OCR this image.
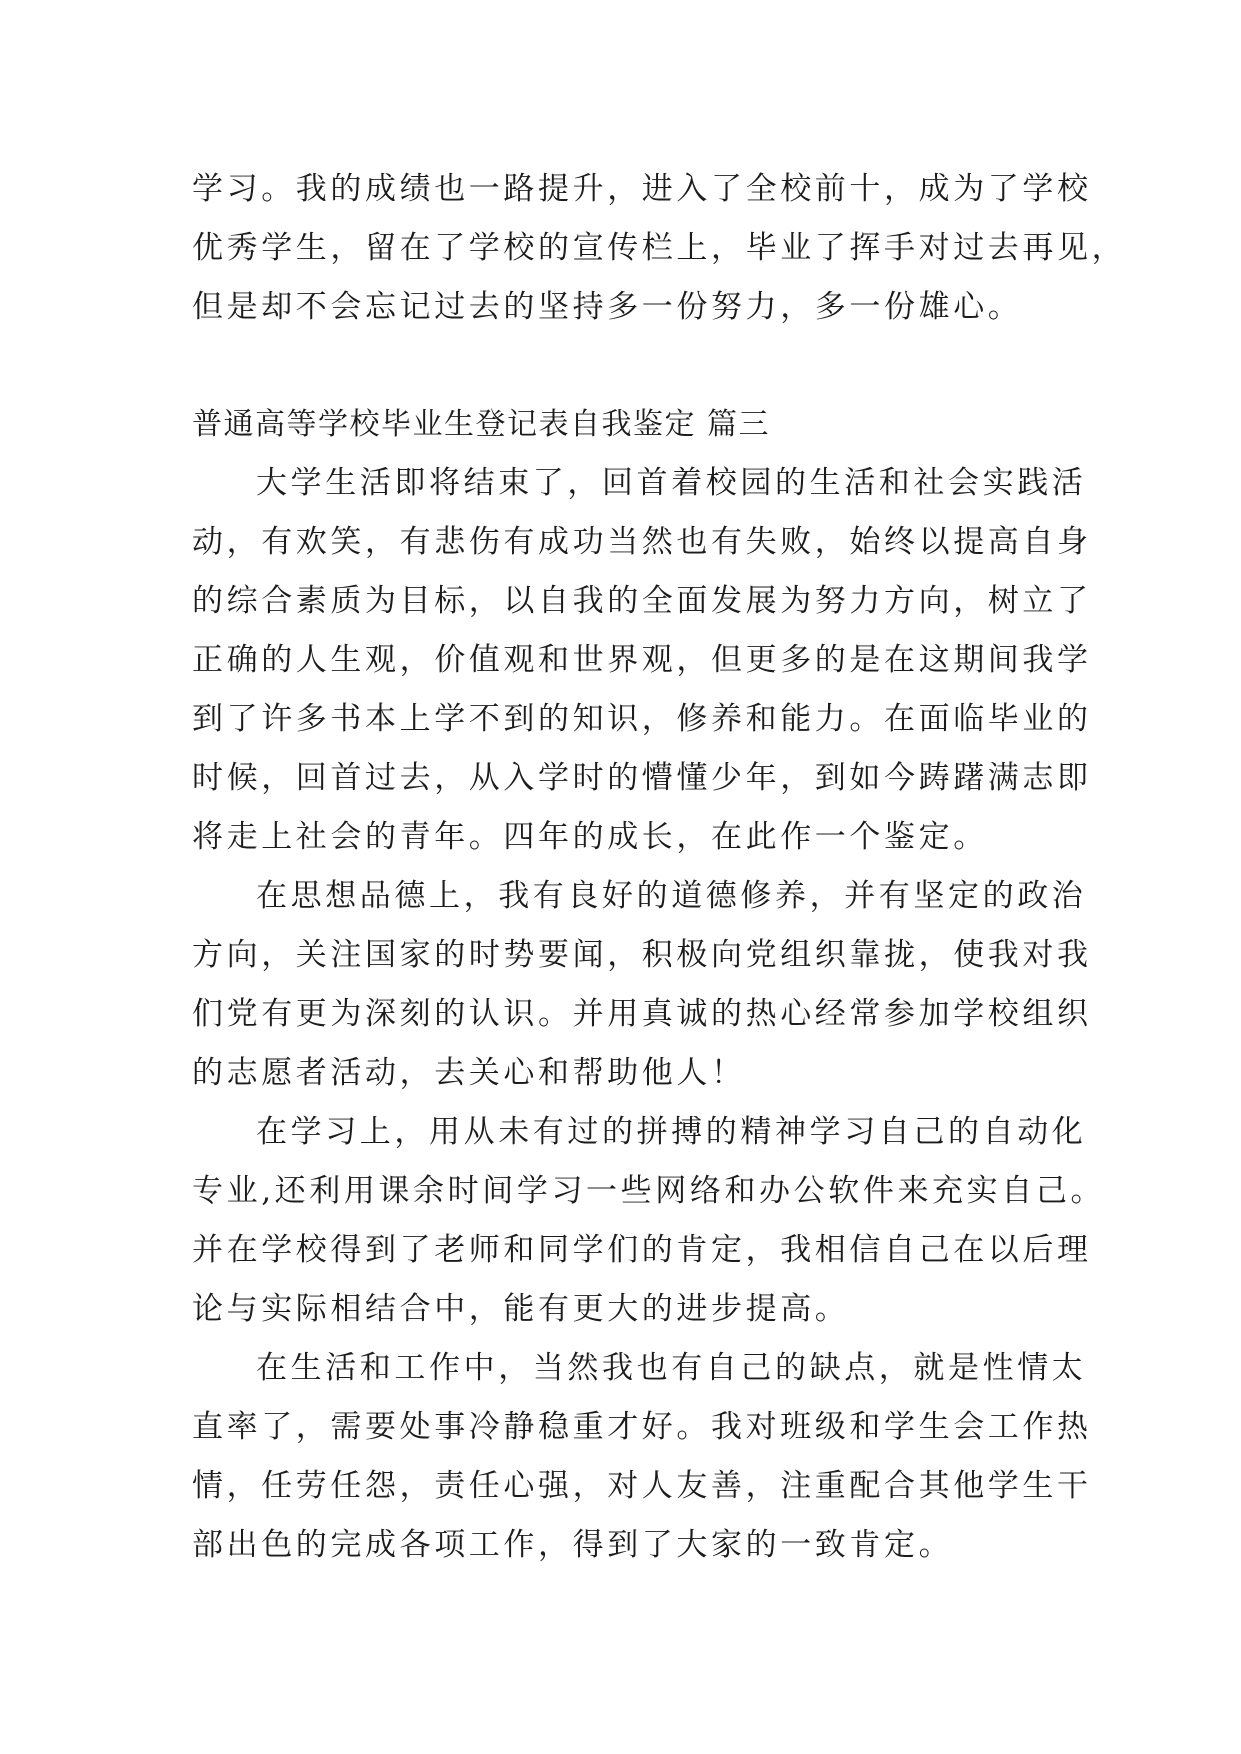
学习。我的成绩也一路提升，进入了全校前十，成为了学校
优秀学生，留在了学校的宣传栏上，毕业了挥手对过去再见，
但是却不会忘记过去的坚持多一份努力，多一份雄心。
普通高等学校毕业生登记表自我鉴定 篇三
大学生活即将结束了，回首着校园的生活和社会实践活
动，有欢笑，有悲伤有成功当然也有失败，始终以提高自身
的综合素质为目标，以自我的全面发展为努力方向，树立了
正确的人生观，价值观和世界观，但更多的是在这期间我学
到了许多书本上学不到的知识，修养和能力。在面临毕业的
时候，回首过去，从入学时的懵懂少年，到如今踌躇满志即
将走上社会的青年。四年的成长，在此作一个鉴定。
在思想品德上，我有良好的道德修养，并有坚定的政治
方向，关注国家的时势要闻，积极向党组织靠拢，使我对我
们党有更为深刻的认识。并用真诚的热心经常参加学校组织
的志愿者活动，去关心和帮助他人！
在学习上，用从未有过的拼搏的精神学习自己的自动化
专业,还利用课余时间学习一些网络和办公软件来充实自己。
并在学校得到了老师和同学们的肯定，我相信自己在以后理
论与实际相结合中，能有更大的进步提高。
在生活和工作中，当然我也有自己的缺点，就是性情太
直率了，需要处事冷静稳重才好。我对班级和学生会工作热
情，任劳任怨，责任心强，对人友善，注重配合其他学生干
部出色的完成各项工作，得到了大家的一致肯定。
